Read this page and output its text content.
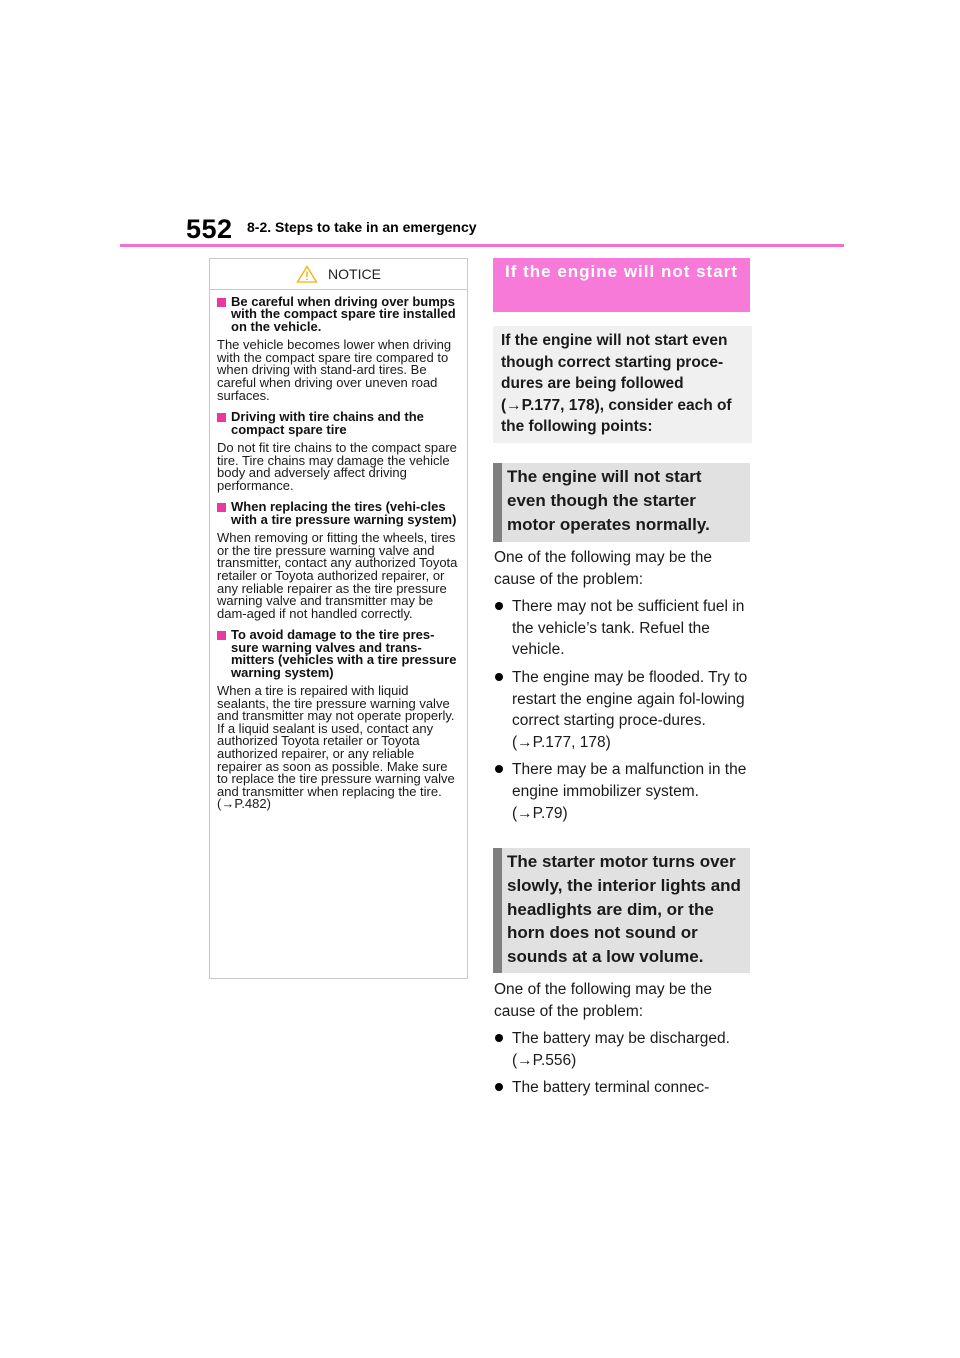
552 8-2. Steps to take in an emergency
NOTICE
Be careful when driving over bumps with the compact spare tire installed on the vehicle.
The vehicle becomes lower when driving with the compact spare tire compared to when driving with stand-ard tires. Be careful when driving over uneven road surfaces.
Driving with tire chains and the compact spare tire
Do not fit tire chains to the compact spare tire. Tire chains may damage the vehicle body and adversely affect driving performance.
When replacing the tires (vehi-cles with a tire pressure warning system)
When removing or fitting the wheels, tires or the tire pressure warning valve and transmitter, contact any authorized Toyota retailer or Toyota authorized repairer, or any reliable repairer as the tire pressure warning valve and transmitter may be dam-aged if not handled correctly.
To avoid damage to the tire pres-sure warning valves and trans-mitters (vehicles with a tire pressure warning system)
When a tire is repaired with liquid sealants, the tire pressure warning valve and transmitter may not operate properly. If a liquid sealant is used, contact any authorized Toyota retailer or Toyota authorized repairer, or any reliable repairer as soon as possible. Make sure to replace the tire pressure warning valve and transmitter when replacing the tire. (→P.482)
If the engine will not start
If the engine will not start even though correct starting proce-dures are being followed (→P.177, 178), consider each of the following points:
The engine will not start even though the starter motor operates normally.

One of the following may be the cause of the problem:

There may not be sufficient fuel in the vehicle’s tank. Refuel the vehicle.
The engine may be flooded. Try to restart the engine again fol-lowing correct starting proce-dures. (→P.177, 178)
There may be a malfunction in the engine immobilizer system. (→P.79)
The starter motor turns over slowly, the interior lights and headlights are dim, or the horn does not sound or sounds at a low volume.

One of the following may be the cause of the problem:

The battery may be discharged. (→P.556)
The battery terminal connec-
